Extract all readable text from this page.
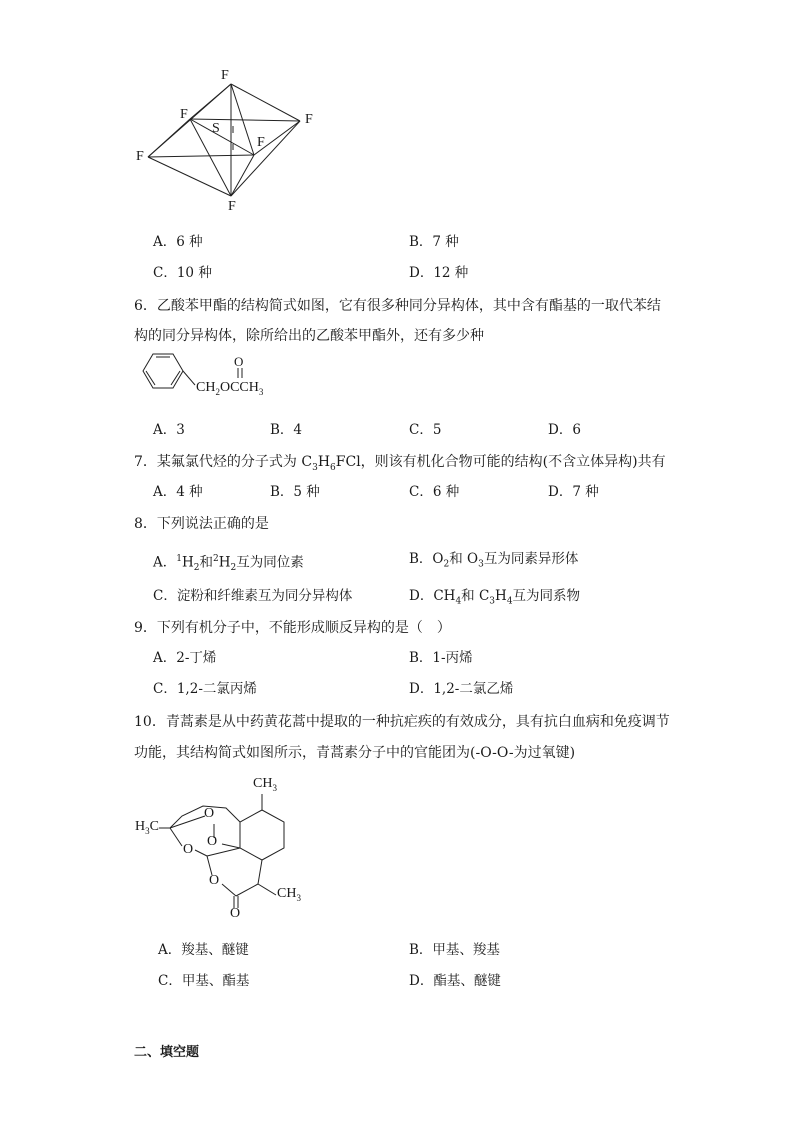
F
F
S
F
F
F
F
A．6 种	B．7 种
C．10 种	D．12 种
6．乙酸苯甲酯的结构简式如图，它有很多种同分异构体，其中含有酯基的一取代苯结
构的同分异构体，除所给出的乙酸苯甲酯外，还有多少种
O
$CH_2OCCH_3$
A．3	B．4	C．5	D．6
7．某氟氯代烃的分子式为 $C_3H_6FCl$，则该有机化合物可能的结构(不含立体异构)共有
A．4 种	B．5 种	C．6 种	D．7 种
8．下列说法正确的是
A．$^1H_2$和$^2H_2$互为同位素	B．$O_2$和 $O_3$互为同素异形体
C．淀粉和纤维素互为同分异构体	D．$CH_4$和 $C_3H_4$互为同系物
9．下列有机分子中，不能形成顺反异构的是（　）
A．2-丁烯	B．1-丙烯
C．1,2-二氯丙烯	D．1,2-二氯乙烯
10．青蒿素是从中药黄花蒿中提取的一种抗疟疾的有效成分，具有抗白血病和免疫调节
功能，其结构简式如图所示，青蒿素分子中的官能团为(-O-O-为过氧键)
$CH_3$
$H_3C$
O
O
O
O
O
$CH_3$
A．羧基、醚键	B．甲基、羧基
C．甲基、酯基	D．酯基、醚键
二、填空题
